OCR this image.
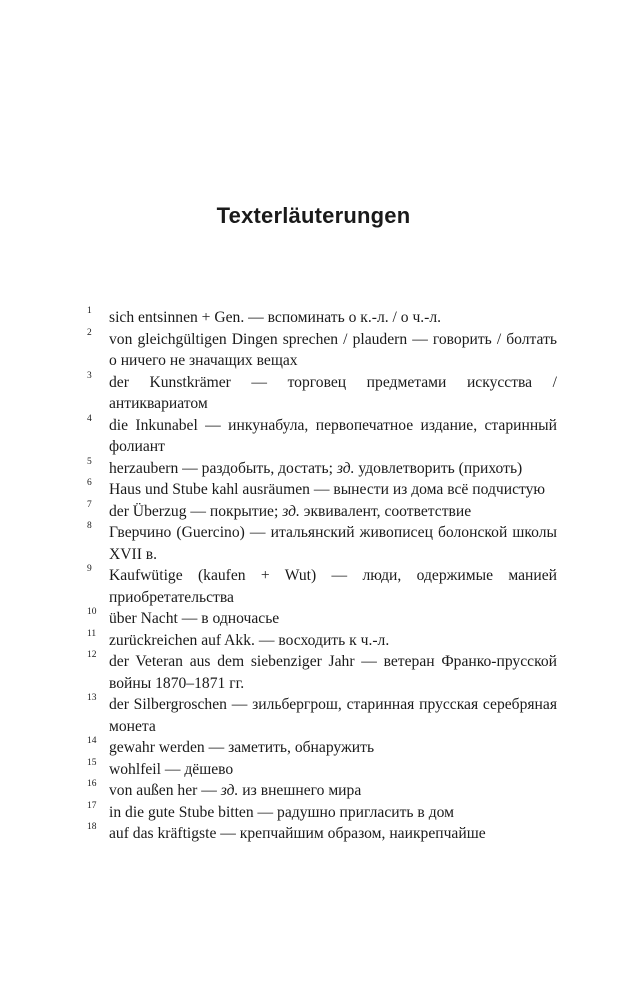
Texterläuterungen
1 sich entsinnen + Gen. — вспоминать о к.-л. / о ч.-л.
2 von gleichgültigen Dingen sprechen / plaudern — говорить / болтать о ничего не значащих вещах
3 der Kunstkrämer — торговец предметами искусства / антиквариатом
4 die Inkunabel — инкунабула, первопечатное издание, старинный фолиант
5 herzaubern — раздобыть, достать; зд. удовлетворить (прихоть)
6 Haus und Stube kahl ausräumen — вынести из дома всё подчистую
7 der Überzug — покрытие; зд. эквивалент, соответствие
8 Гверчино (Guercino) — итальянский живописец болонской школы XVII в.
9 Kaufwütige (kaufen + Wut) — люди, одержимые манией приобретательства
10 über Nacht — в одночасье
11 zurückreichen auf Akk. — восходить к ч.-л.
12 der Veteran aus dem siebenziger Jahr — ветеран Франко-прусской войны 1870–1871 гг.
13 der Silbergroschen — зильбергрош, старинная прусская серебряная монета
14 gewahr werden — заметить, обнаружить
15 wohlfeil — дёшево
16 von außen her — зд. из внешнего мира
17 in die gute Stube bitten — радушно пригласить в дом
18 auf das kräftigste — крепчайшим образом, наикрепчайше
